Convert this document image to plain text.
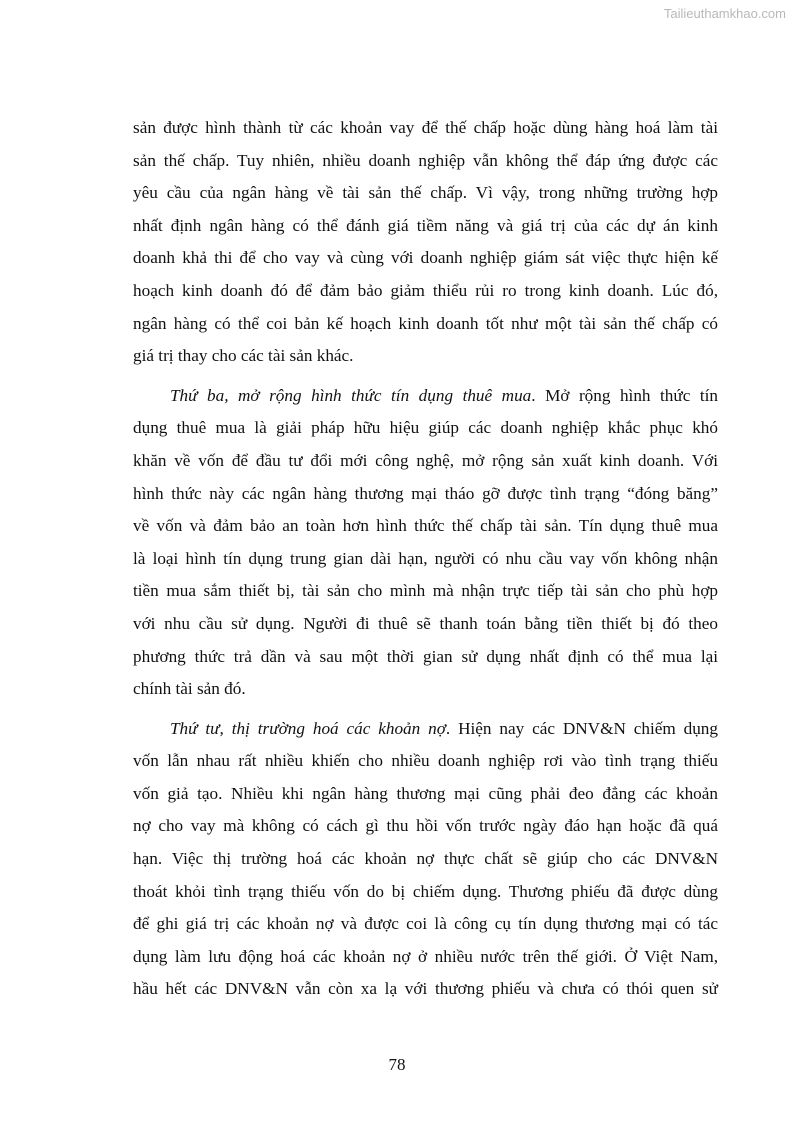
Tailieuthamkhao.com

sản được hình thành từ các khoản vay để thế chấp hoặc dùng hàng hoá làm tài
sản thế chấp. Tuy nhiên, nhiều doanh nghiệp vẫn không thể đáp ứng được các
yêu cầu của ngân hàng về tài sản thế chấp. Vì vậy, trong những trường hợp
nhất định ngân hàng có thể đánh giá tiềm năng và giá trị của các dự án kinh
doanh khả thi để cho vay và cùng với doanh nghiệp giám sát việc thực hiện kế
hoạch kinh doanh đó để đảm bảo giảm thiểu rủi ro trong kinh doanh. Lúc đó,
ngân hàng có thể coi bản kế hoạch kinh doanh tốt như một tài sản thế chấp có
giá trị thay cho các tài sản khác.

Thứ ba, mở rộng hình thức tín dụng thuê mua. Mở rộng hình thức tín
dụng thuê mua là giải pháp hữu hiệu giúp các doanh nghiệp khắc phục khó
khăn về vốn để đầu tư đổi mới công nghệ, mở rộng sản xuất kinh doanh. Với
hình thức này các ngân hàng thương mại tháo gỡ được tình trạng “đóng băng”
về vốn và đảm bảo an toàn hơn hình thức thế chấp tài sản. Tín dụng thuê mua
là loại hình tín dụng trung gian dài hạn, người có nhu cầu vay vốn không nhận
tiền mua sắm thiết bị, tài sản cho mình mà nhận trực tiếp tài sản cho phù hợp
với nhu cầu sử dụng. Người đi thuê sẽ thanh toán bằng tiền thiết bị đó theo
phương thức trả dần và sau một thời gian sử dụng nhất định có thể mua lại
chính tài sản đó.

Thứ tư, thị trường hoá các khoản nợ. Hiện nay các DNV&N chiếm dụng
vốn lẫn nhau rất nhiều khiến cho nhiều doanh nghiệp rơi vào tình trạng thiếu
vốn giả tạo. Nhiều khi ngân hàng thương mại cũng phải đeo đẳng các khoản
nợ cho vay mà không có cách gì thu hồi vốn trước ngày đáo hạn hoặc đã quá
hạn. Việc thị trường hoá các khoản nợ thực chất sẽ giúp cho các DNV&N
thoát khỏi tình trạng thiếu vốn do bị chiếm dụng. Thương phiếu đã được dùng
để ghi giá trị các khoản nợ và được coi là công cụ tín dụng thương mại có tác
dụng làm lưu động hoá các khoản nợ ở nhiều nước trên thế giới. Ở Việt Nam,
hầu hết các DNV&N vẫn còn xa lạ với thương phiếu và chưa có thói quen sử

78
